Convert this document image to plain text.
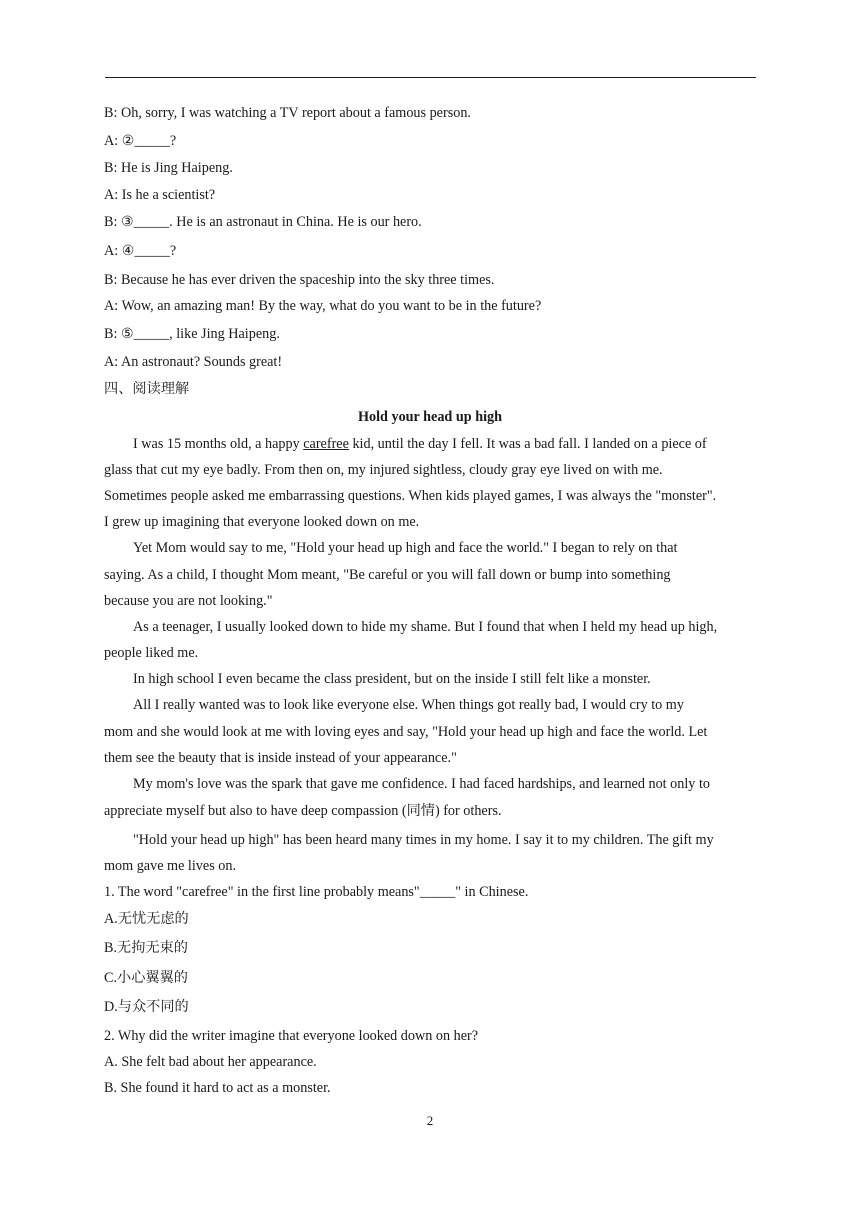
B: Oh, sorry, I was watching a TV report about a famous person.
A: ②_____?
B: He is Jing Haipeng.
A: Is he a scientist?
B: ③_____. He is an astronaut in China. He is our hero.
A: ④_____?
B: Because he has ever driven the spaceship into the sky three times.
A: Wow, an amazing man! By the way, what do you want to be in the future?
B: ⑤_____, like Jing Haipeng.
A: An astronaut? Sounds great!
四、阅读理解
Hold your head up high
I was 15 months old, a happy carefree kid, until the day I fell. It was a bad fall. I landed on a piece of
glass that cut my eye badly. From then on, my injured sightless, cloudy gray eye lived on with me.
Sometimes people asked me embarrassing questions. When kids played games, I was always the "monster".
I grew up imagining that everyone looked down on me.
Yet Mom would say to me, "Hold your head up high and face the world." I began to rely on that
saying. As a child, I thought Mom meant, "Be careful or you will fall down or bump into something
because you are not looking."
As a teenager, I usually looked down to hide my shame. But I found that when I held my head up high,
people liked me.
In high school I even became the class president, but on the inside I still felt like a monster.
All I really wanted was to look like everyone else. When things got really bad, I would cry to my
mom and she would look at me with loving eyes and say, "Hold your head up high and face the world. Let
them see the beauty that is inside instead of your appearance."
My mom's love was the spark that gave me confidence. I had faced hardships, and learned not only to
appreciate myself but also to have deep compassion (同情) for others.
"Hold your head up high" has been heard many times in my home. I say it to my children. The gift my
mom gave me lives on.
1. The word "carefree" in the first line probably means"_____" in Chinese.
A.无忧无虑的
B.无拘无束的
C.小心翼翼的
D.与众不同的
2. Why did the writer imagine that everyone looked down on her?
A. She felt bad about her appearance.
B. She found it hard to act as a monster.
2
